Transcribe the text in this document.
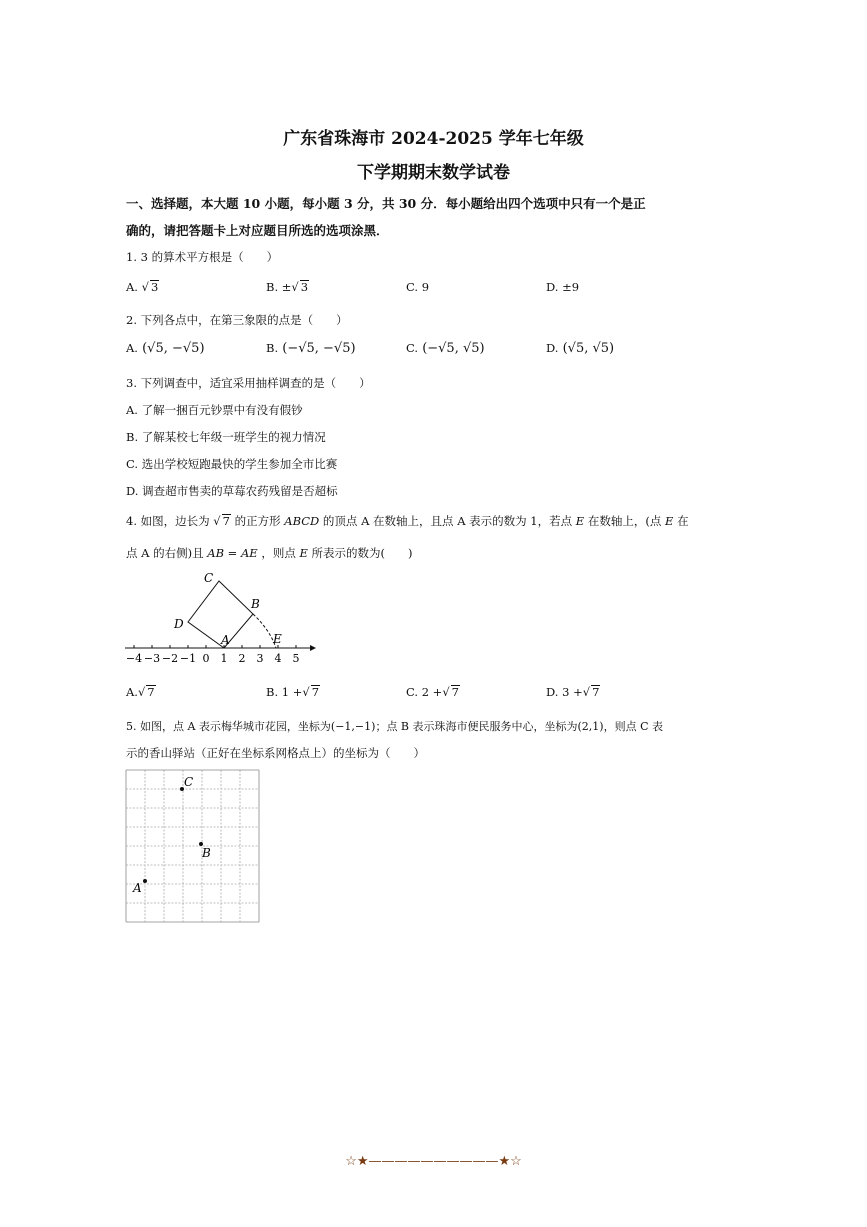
广东省珠海市 2024-2025 学年七年级
下学期期末数学试卷
一、选择题，本大题 10 小题，每小题 3 分，共 30 分．每小题给出四个选项中只有一个是正
确的，请把答题卡上对应题目所选的选项涂黑．
1. 3 的算术平方根是（　　）
A. √ 3	B. ±√ 3	C. 9	D. ±9
2. 下列各点中，在第三象限的点是（　　）
A. (√5, −√5)	B. (−√5, −√5)	C. (−√5, √5)	D. (√5, √5)
3. 下列调查中，适宜采用抽样调查的是（　　）
A. 了解一捆百元钞票中有没有假钞
B. 了解某校七年级一班学生的视力情况
C. 选出学校短跑最快的学生参加全市比赛
D. 调查超市售卖的草莓农药残留是否超标
4. 如图，边长为 √ 7 的正方形 ABCD 的顶点 A 在数轴上，且点 A 表示的数为 1，若点 E 在数轴上，(点 E 在
点 A 的右侧)且 AB = AE ，则点 E 所表示的数为(　　)
−4 −3 −2 −1 0 1 2 3 4 5
C
B
D
A	E
A.√ 7	B. 1 +√ 7	C. 2 +√ 7	D. 3 +√ 7
5. 如图，点 A 表示梅华城市花园，坐标为(−1,−1)；点 B 表示珠海市便民服务中心，坐标为(2,1)，则点 C 表
示的香山驿站（正好在坐标系网格点上）的坐标为（　　）
C
B
A
☆★——————————★☆
